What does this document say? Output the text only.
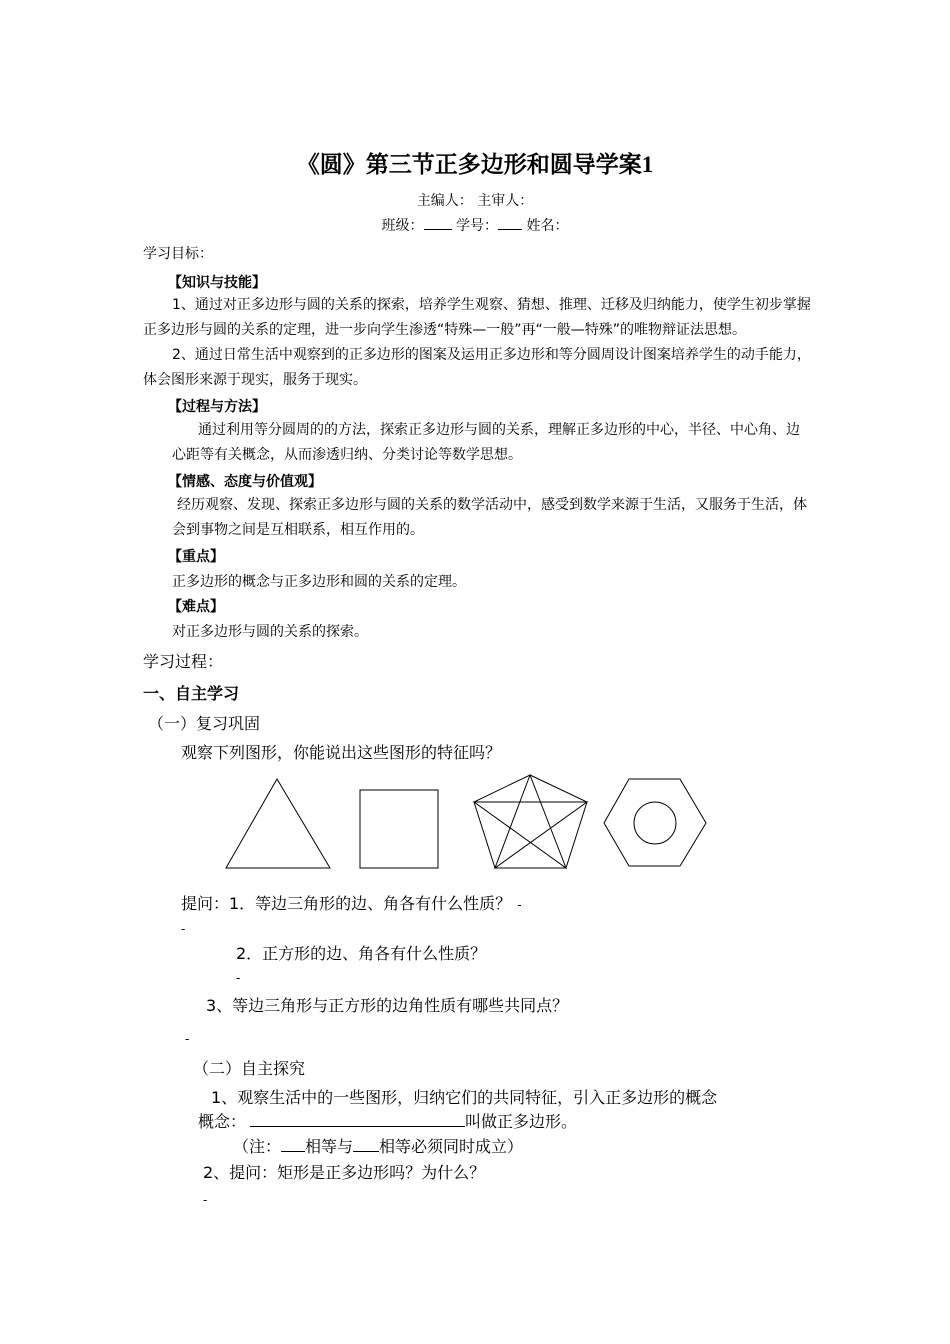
《圆》第三节正多边形和圆导学案1
主编人： 主审人：
班级： 学号： 姓名：
学习目标：
【知识与技能】
1、通过对正多边形与圆的关系的探索，培养学生观察、猜想、推理、迁移及归纳能力，使学生初步掌握正多边形与圆的关系的定理，进一步向学生渗透“特殊—一般”再“一般—特殊”的唯物辩证法思想。
2、通过日常生活中观察到的正多边形的图案及运用正多边形和等分圆周设计图案培养学生的动手能力，体会图形来源于现实，服务于现实。
【过程与方法】
通过利用等分圆周的的方法，探索正多边形与圆的关系，理解正多边形的中心，半径、中心角、边心距等有关概念，从而渗透归纳、分类讨论等数学思想。
【情感、态度与价值观】
经历观察、发现、探索正多边形与圆的关系的数学活动中，感受到数学来源于生活，又服务于生活，体会到事物之间是互相联系，相互作用的。
【重点】
正多边形的概念与正多边形和圆的关系的定理。
【难点】
对正多边形与圆的关系的探索。
学习过程：
一、自主学习
（一）复习巩固
观察下列图形，你能说出这些图形的特征吗？
提问：1．等边三角形的边、角各有什么性质？ -
-
2．正方形的边、角各有什么性质？
-
3、等边三角形与正方形的边角性质有哪些共同点？
-
（二）自主探究
1、观察生活中的一些图形，归纳它们的共同特征，引入正多边形的概念
概念：	叫做正多边形。
（注： 相等与 相等必须同时成立）
2、提问：矩形是正多边形吗？为什么？
-
